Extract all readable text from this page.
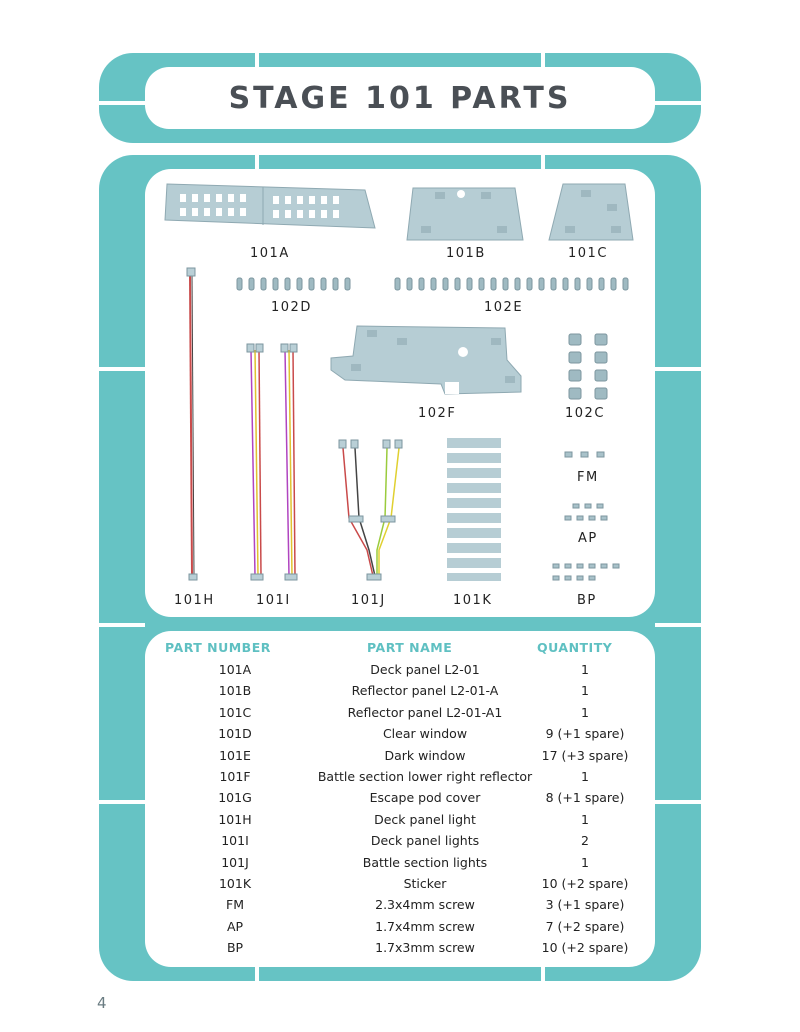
STAGE 101 PARTS
101A	101B	101C
102D	102E
102F	102C
FM
AP
101H	101I	101J	101K	BP
PART NUMBER	PART NAME	QUANTITY
101A	Deck panel L2-01	1
101B	Reflector panel L2-01-A	1
101C	Reflector panel L2-01-A1	1
101D	Clear window	9 (+1 spare)
101E	Dark window	17 (+3 spare)
101F	Battle section lower right reflector	1
101G	Escape pod cover	8 (+1 spare)
101H	Deck panel light	1
101I	Deck panel lights	2
101J	Battle section lights	1
101K	Sticker	10 (+2 spare)
FM	2.3x4mm screw	3 (+1 spare)
AP	1.7x4mm screw	7 (+2 spare)
BP	1.7x3mm screw	10 (+2 spare)
4
